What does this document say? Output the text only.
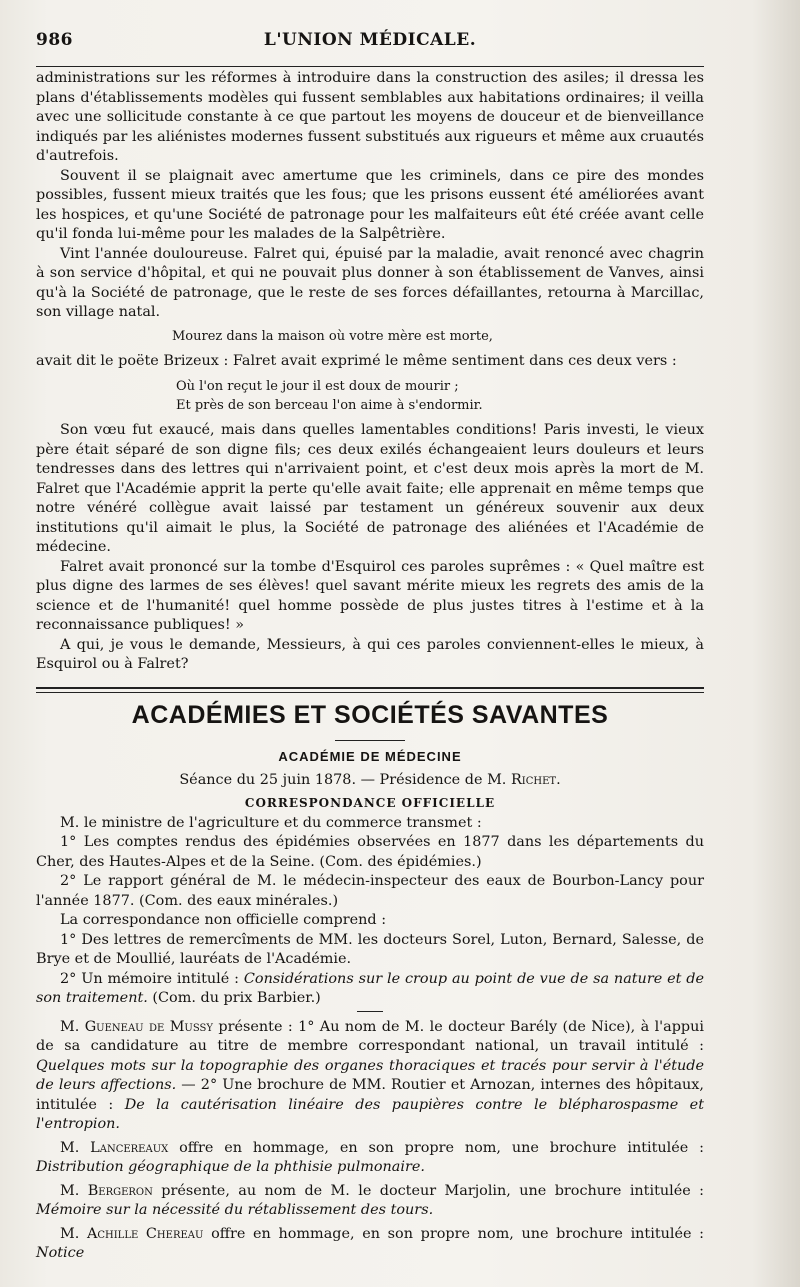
986	L'UNION MÉDICALE.

administrations sur les réformes à introduire dans la construction des asiles; il dressa les plans d'établissements modèles qui fussent semblables aux habitations ordinaires; il veilla avec une sollicitude constante à ce que partout les moyens de douceur et de bienveillance indiqués par les aliénistes modernes fussent substitués aux rigueurs et même aux cruautés d'autrefois.

Souvent il se plaignait avec amertume que les criminels, dans ce pire des mondes possibles, fussent mieux traités que les fous; que les prisons eussent été améliorées avant les hospices, et qu'une Société de patronage pour les malfaiteurs eût été créée avant celle qu'il fonda lui-même pour les malades de la Salpêtrière.

Vint l'année douloureuse. Falret qui, épuisé par la maladie, avait renoncé avec chagrin à son service d'hôpital, et qui ne pouvait plus donner à son établissement de Vanves, ainsi qu'à la Société de patronage, que le reste de ses forces défaillantes, retourna à Marcillac, son village natal.

Mourez dans la maison où votre mère est morte,

avait dit le poëte Brizeux : Falret avait exprimé le même sentiment dans ces deux vers :

Où l'on reçut le jour il est doux de mourir ;

Et près de son berceau l'on aime à s'endormir.

Son vœu fut exaucé, mais dans quelles lamentables conditions! Paris investi, le vieux père était séparé de son digne fils; ces deux exilés échangeaient leurs douleurs et leurs tendresses dans des lettres qui n'arrivaient point, et c'est deux mois après la mort de M. Falret que l'Académie apprit la perte qu'elle avait faite; elle apprenait en même temps que notre vénéré collègue avait laissé par testament un généreux souvenir aux deux institutions qu'il aimait le plus, la Société de patronage des aliénées et l'Académie de médecine.

Falret avait prononcé sur la tombe d'Esquirol ces paroles suprêmes : « Quel maître est plus digne des larmes de ses élèves! quel savant mérite mieux les regrets des amis de la science et de l'humanité! quel homme possède de plus justes titres à l'estime et à la reconnaissance publiques! »

A qui, je vous le demande, Messieurs, à qui ces paroles conviennent-elles le mieux, à Esquirol ou à Falret?

ACADÉMIES ET SOCIÉTÉS SAVANTES
ACADÉMIE DE MÉDECINE
Séance du 25 juin 1878. — Présidence de M. Richet.
CORRESPONDANCE OFFICIELLE

M. le ministre de l'agriculture et du commerce transmet :

1° Les comptes rendus des épidémies observées en 1877 dans les départements du Cher, des Hautes-Alpes et de la Seine. (Com. des épidémies.)

2° Le rapport général de M. le médecin-inspecteur des eaux de Bourbon-Lancy pour l'année 1877. (Com. des eaux minérales.)

La correspondance non officielle comprend :

1° Des lettres de remercîments de MM. les docteurs Sorel, Luton, Bernard, Salesse, de Brye et de Moullié, lauréats de l'Académie.

2° Un mémoire intitulé : Considérations sur le croup au point de vue de sa nature et de son traitement. (Com. du prix Barbier.)

M. Gueneau de Mussy présente : 1° Au nom de M. le docteur Barély (de Nice), à l'appui de sa candidature au titre de membre correspondant national, un travail intitulé : Quelques mots sur la topographie des organes thoraciques et tracés pour servir à l'étude de leurs affections. — 2° Une brochure de MM. Routier et Arnozan, internes des hôpitaux, intitulée : De la cautérisation linéaire des paupières contre le blépharospasme et l'entropion.

M. Lancereaux offre en hommage, en son propre nom, une brochure intitulée : Distribution géographique de la phthisie pulmonaire.

M. Bergeron présente, au nom de M. le docteur Marjolin, une brochure intitulée : Mémoire sur la nécessité du rétablissement des tours.

M. Achille Chereau offre en hommage, en son propre nom, une brochure intitulée : Notice
